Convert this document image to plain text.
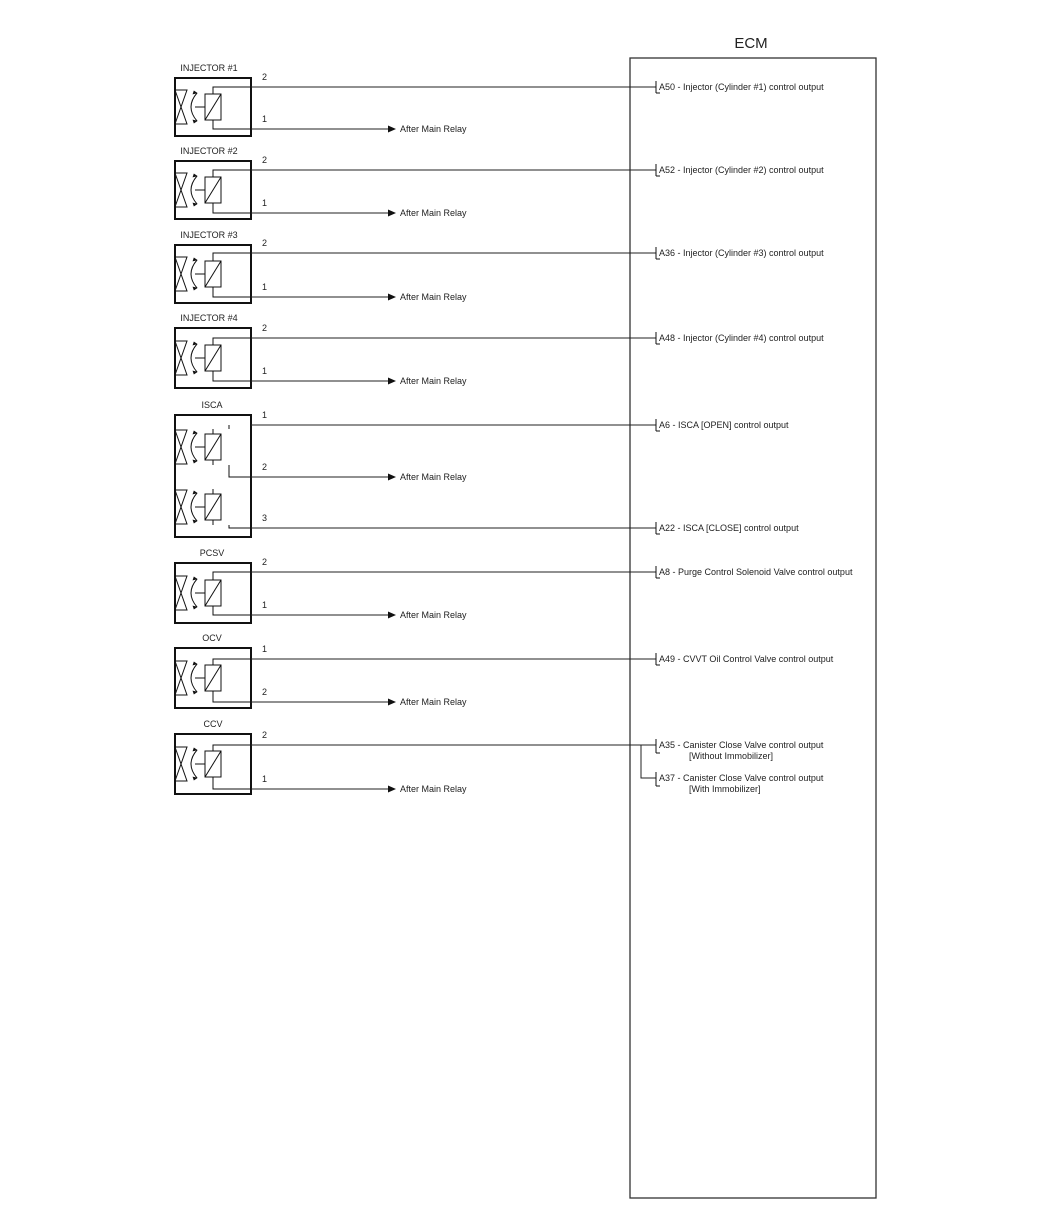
ECM
INJECTOR #1
2
A50 - Injector (Cylinder #1) control output
1
After Main Relay
INJECTOR #2
2
A52 - Injector (Cylinder #2) control output
1
After Main Relay
INJECTOR #3
2
A36 - Injector (Cylinder #3) control output
1
After Main Relay
INJECTOR #4
2
A48 - Injector (Cylinder #4) control output
1
After Main Relay
ISCA
1
A6 - ISCA [OPEN] control output
2
After Main Relay
3
A22 - ISCA [CLOSE] control output
PCSV
2
A8 - Purge Control Solenoid Valve control output
1
After Main Relay
OCV
1
A49 - CVVT Oil Control Valve control output
2
After Main Relay
CCV
2
A35 - Canister Close Valve control output
[Without Immobilizer]
A37 - Canister Close Valve control output
[With Immobilizer]
1
After Main Relay
